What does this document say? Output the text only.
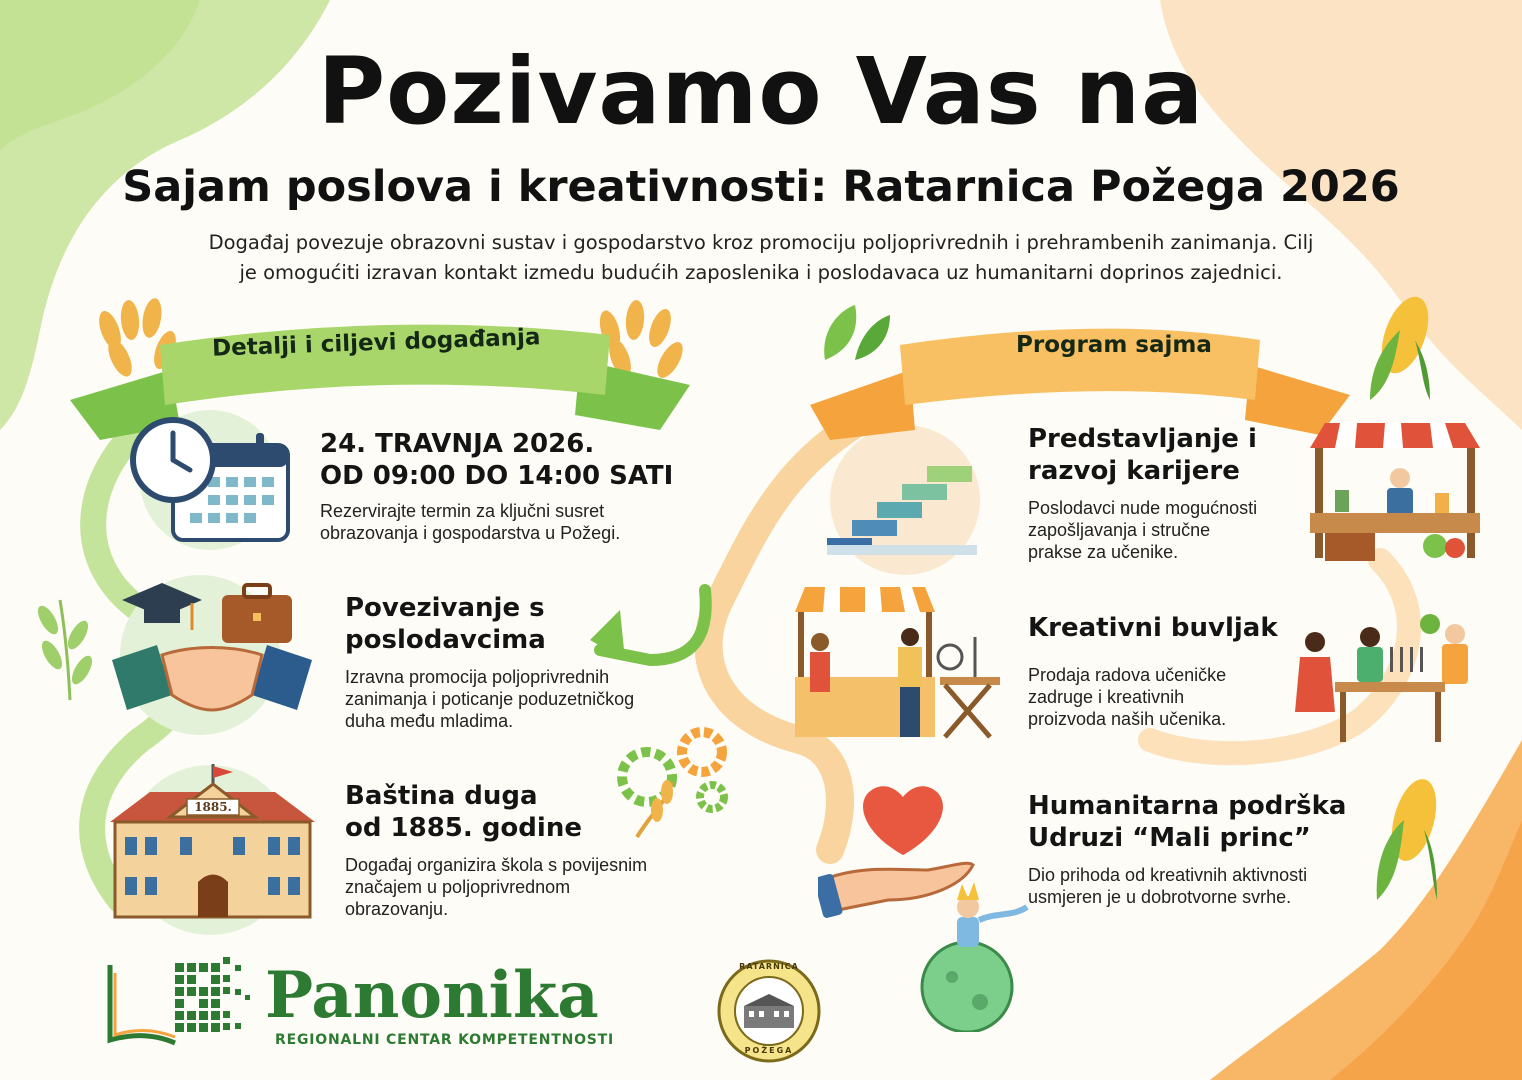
Pozivamo Vas na
Sajam poslova i kreativnosti: Ratarnica Požega 2026
Događaj povezuje obrazovni sustav i gospodarstvo kroz promociju poljoprivrednih i prehrambenih zanimanja. Cilj
je omogućiti izravan kontakt izmedu budućih zaposlenika i poslodavaca uz humanitarni doprinos zajednici.
Detalji i ciljevi događanja	Program sajma
1885.
24. TRAVNJA 2026.
OD 09:00 DO 14:00 SATI
Rezervirajte termin za ključni susret
obrazovanja i gospodarstva u Požegi.
Povezivanje s
poslodavcima
Izravna promocija poljoprivrednih
zanimanja i poticanje poduzetničkog
duha među mladima.
Baština duga
od 1885. godine
Događaj organizira škola s povijesnim
značajem u poljoprivrednom
obrazovanju.
Predstavljanje i
razvoj karijere
Poslodavci nude mogućnosti
zapošljavanja i stručne
prakse za učenike.
Kreativni buvljak
Prodaja radova učeničke
zadruge i kreativnih
proizvoda naših učenika.
Humanitarna podrška
Udruzi “Mali princ”
Dio prihoda od kreativnih aktivnosti
usmjeren je u dobrotvorne svrhe.
Panonika
REGIONALNI CENTAR KOMPETENTNOSTI
RATARNICA
POŽEGA
